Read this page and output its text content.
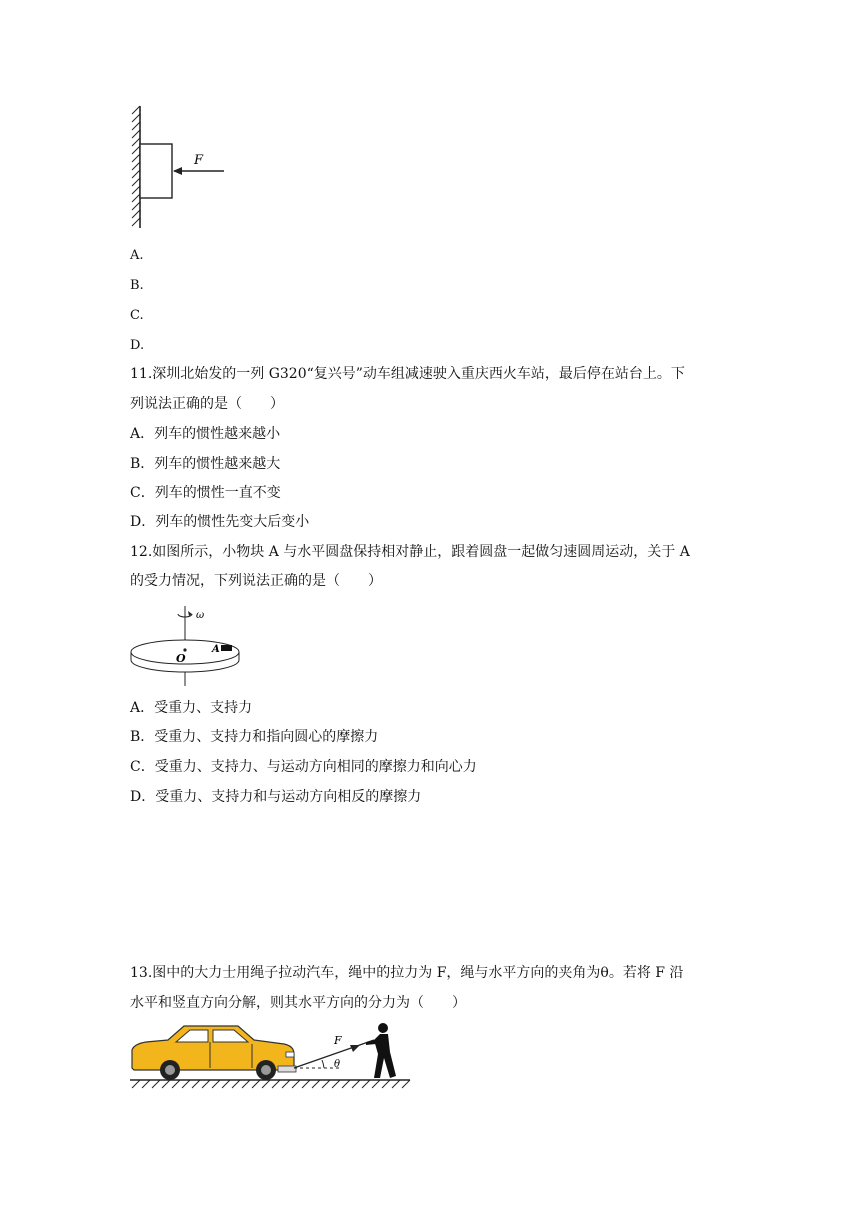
F
A.
B.
C.
D.
11.深圳北始发的一列 G320“复兴号”动车组减速驶入重庆西火车站，最后停在站台上。下
列说法正确的是（　　）
A．列车的惯性越来越小
B．列车的惯性越来越大
C．列车的惯性一直不变
D．列车的惯性先变大后变小
12.如图所示，小物块 A 与水平圆盘保持相对静止，跟着圆盘一起做匀速圆周运动，关于 A
的受力情况，下列说法正确的是（　　）
ω
O
A
A．受重力、支持力
B．受重力、支持力和指向圆心的摩擦力
C．受重力、支持力、与运动方向相同的摩擦力和向心力
D．受重力、支持力和与运动方向相反的摩擦力
13.图中的大力士用绳子拉动汽车，绳中的拉力为 F，绳与水平方向的夹角为θ。若将 F 沿
水平和竖直方向分解，则其水平方向的分力为（　　）
F
θ
